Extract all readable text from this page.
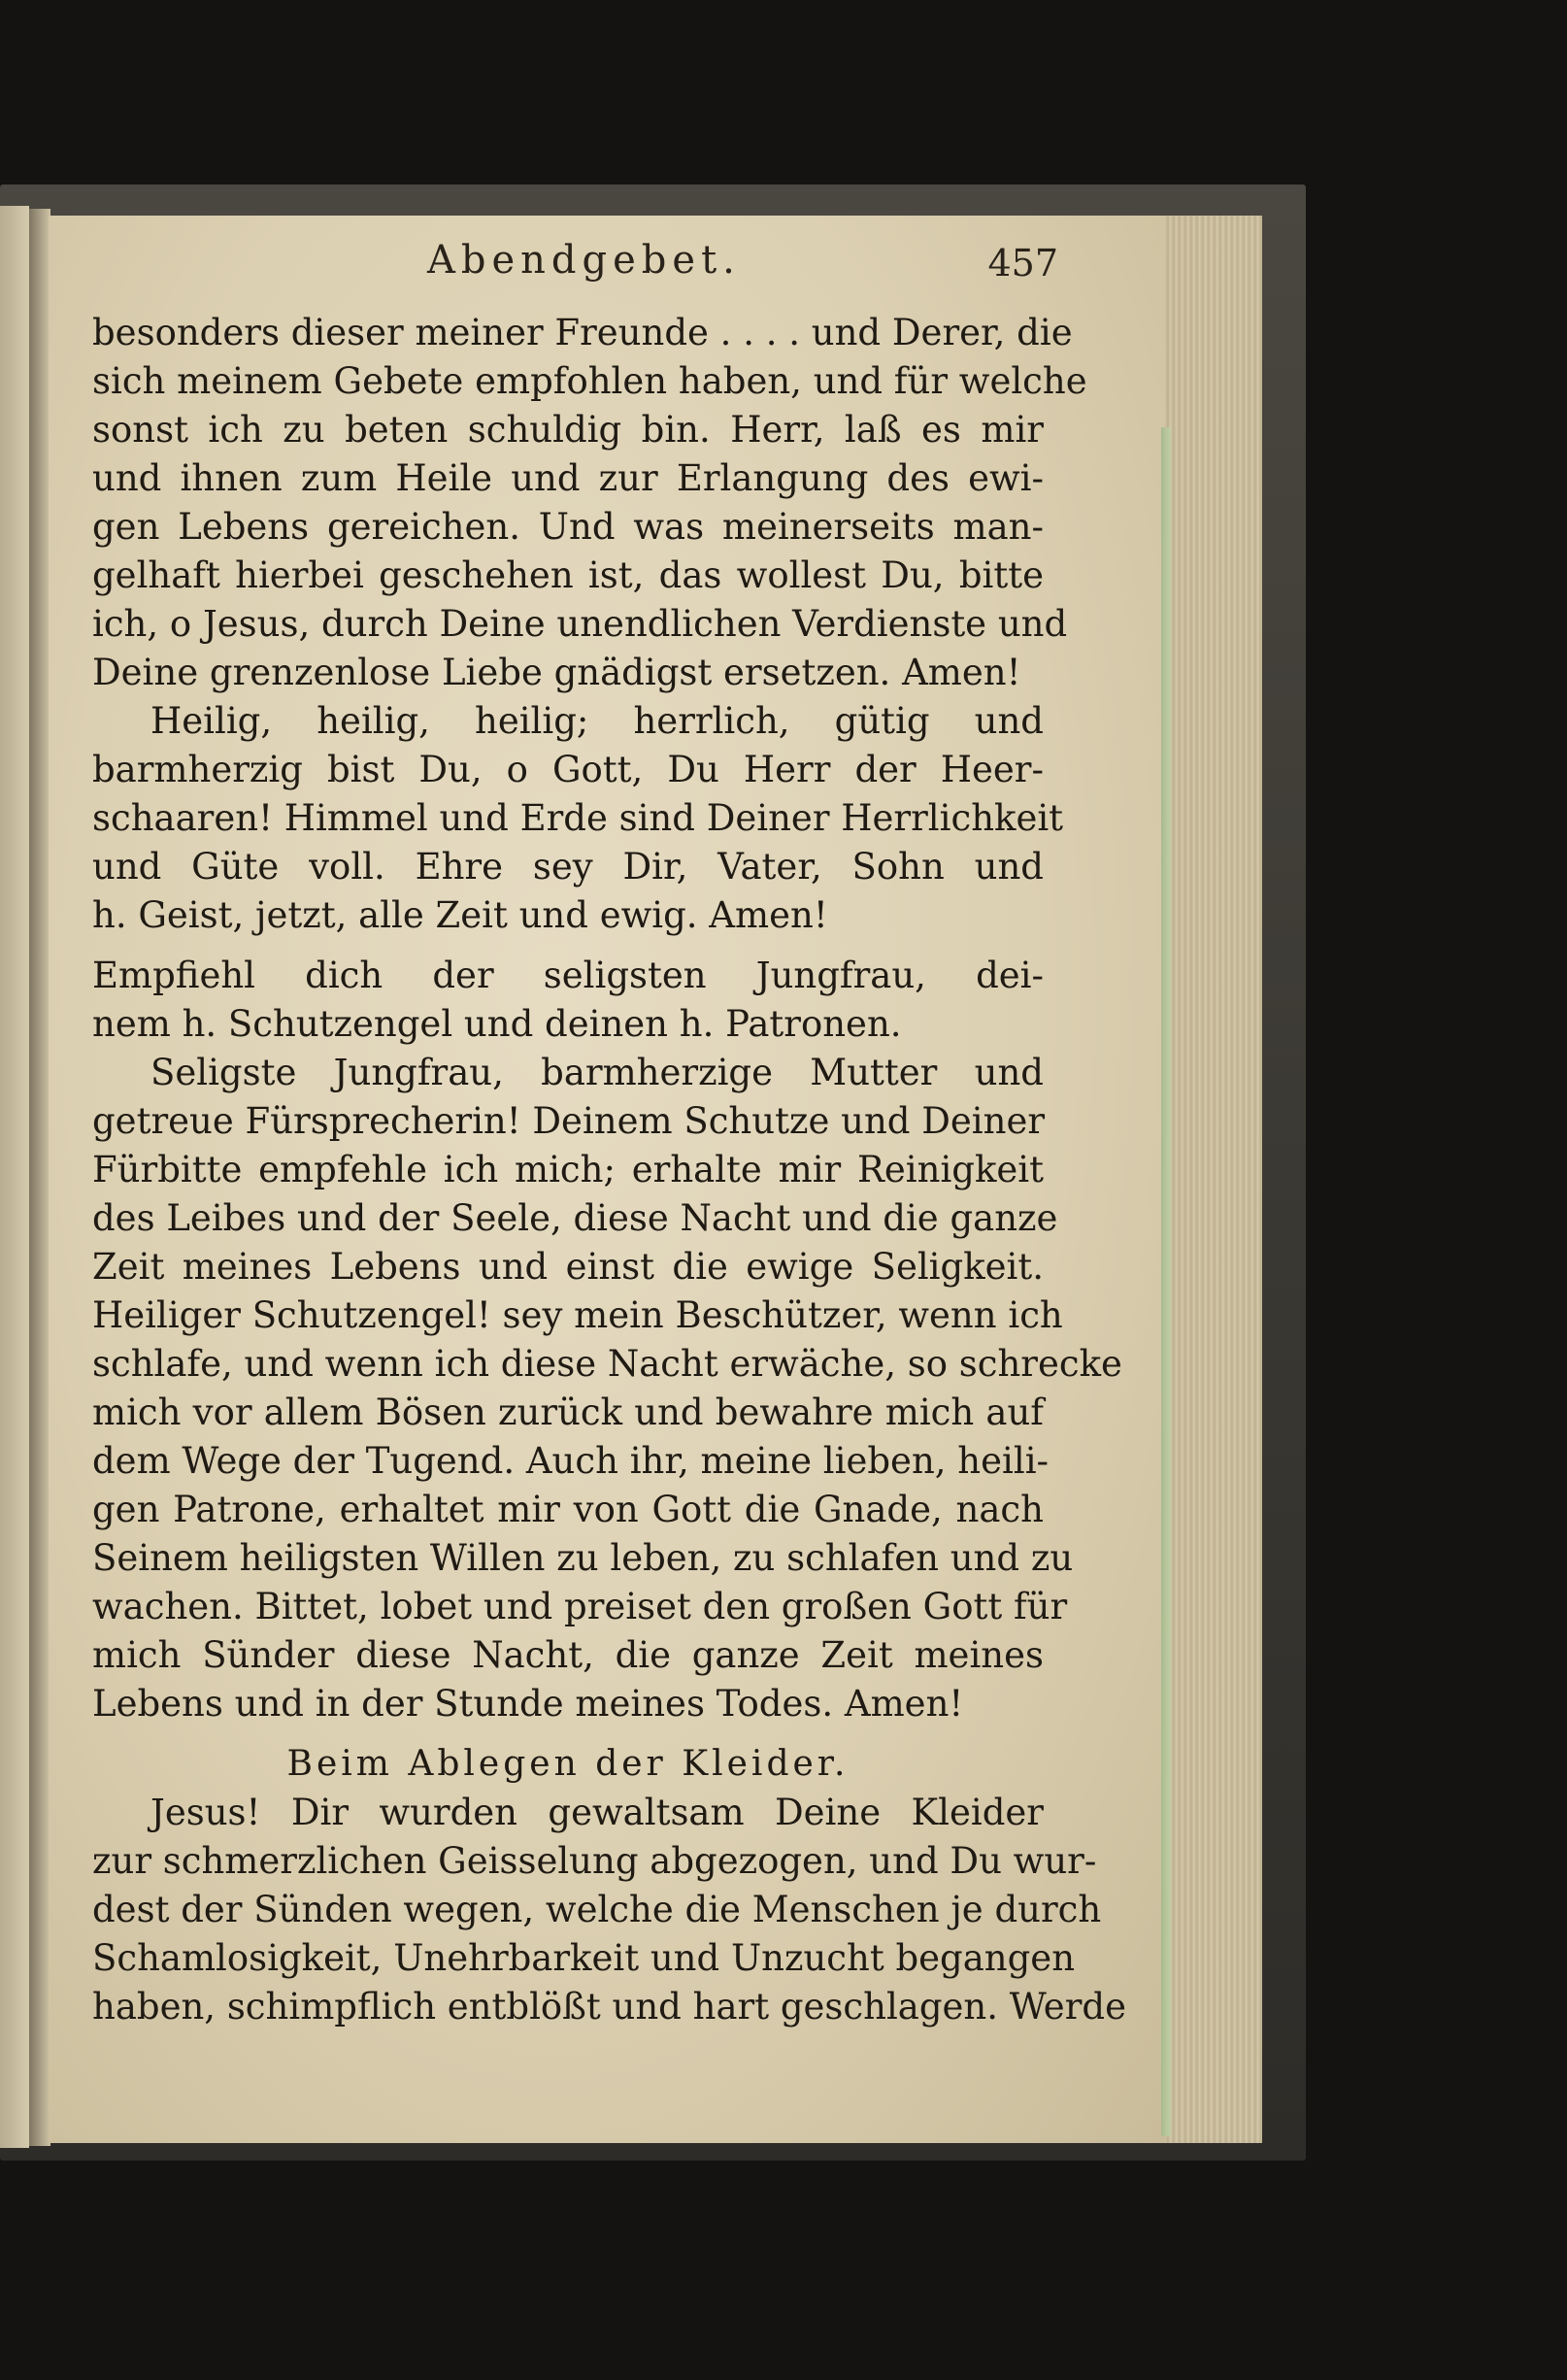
Abendgebet.	457
besonders dieser meiner Freunde . . . . und Derer, die
sich meinem Gebete empfohlen haben, und für welche
sonst ich zu beten schuldig bin. Herr, laß es mir
und ihnen zum Heile und zur Erlangung des ewi-
gen Lebens gereichen. Und was meinerseits man-
gelhaft hierbei geschehen ist, das wollest Du, bitte
ich, o Jesus, durch Deine unendlichen Verdienste und
Deine grenzenlose Liebe gnädigst ersetzen. Amen!
Heilig, heilig, heilig; herrlich, gütig und
barmherzig bist Du, o Gott, Du Herr der Heer-
schaaren! Himmel und Erde sind Deiner Herrlichkeit
und Güte voll. Ehre sey Dir, Vater, Sohn und
h. Geist, jetzt, alle Zeit und ewig. Amen!
Empfiehl dich der seligsten Jungfrau, dei-
nem h. Schutzengel und deinen h. Patronen.
Seligste Jungfrau, barmherzige Mutter und
getreue Fürsprecherin! Deinem Schutze und Deiner
Fürbitte empfehle ich mich; erhalte mir Reinigkeit
des Leibes und der Seele, diese Nacht und die ganze
Zeit meines Lebens und einst die ewige Seligkeit.
Heiliger Schutzengel! sey mein Beschützer, wenn ich
schlafe, und wenn ich diese Nacht erwäche, so schrecke
mich vor allem Bösen zurück und bewahre mich auf
dem Wege der Tugend. Auch ihr, meine lieben, heili-
gen Patrone, erhaltet mir von Gott die Gnade, nach
Seinem heiligsten Willen zu leben, zu schlafen und zu
wachen. Bittet, lobet und preiset den großen Gott für
mich Sünder diese Nacht, die ganze Zeit meines
Lebens und in der Stunde meines Todes. Amen!
Beim Ablegen der Kleider.
Jesus! Dir wurden gewaltsam Deine Kleider
zur schmerzlichen Geisselung abgezogen, und Du wur-
dest der Sünden wegen, welche die Menschen je durch
Schamlosigkeit, Unehrbarkeit und Unzucht begangen
haben, schimpflich entblößt und hart geschlagen. Werde
